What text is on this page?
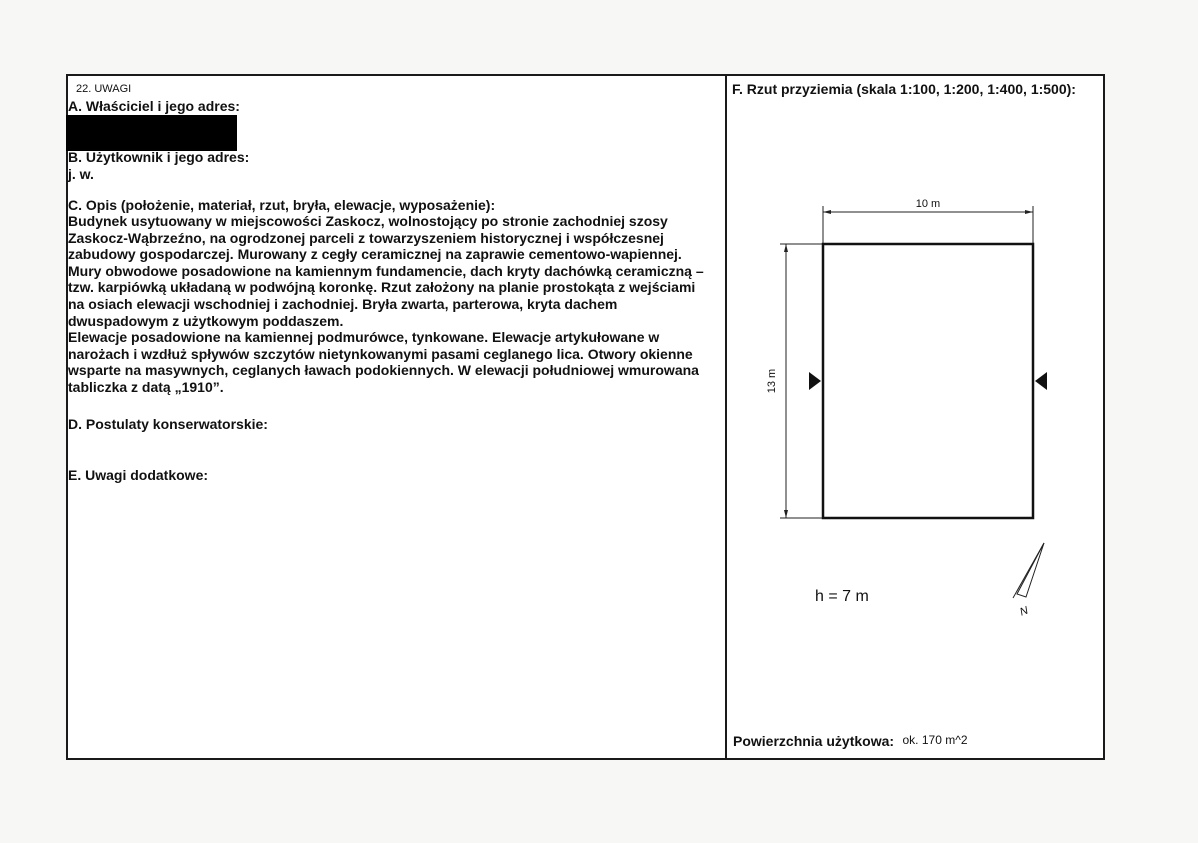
22. UWAGI
A. Właściciel i jego adres:
B. Użytkownik i jego adres:
j. w.
C. Opis (położenie, materiał, rzut, bryła, elewacje, wyposażenie):
Budynek usytuowany w miejscowości Zaskocz, wolnostojący po stronie zachodniej szosy
Zaskocz-Wąbrzeźno, na ogrodzonej parceli z towarzyszeniem historycznej i współczesnej
zabudowy gospodarczej. Murowany z cegły ceramicznej na zaprawie cementowo-wapiennej.
Mury obwodowe posadowione na kamiennym fundamencie, dach kryty dachówką ceramiczną –
tzw. karpiówką układaną w podwójną koronkę. Rzut założony na planie prostokąta z wejściami
na osiach elewacji wschodniej i zachodniej. Bryła zwarta, parterowa, kryta dachem
dwuspadowym z użytkowym poddaszem.
Elewacje posadowione na kamiennej podmurówce, tynkowane. Elewacje artykułowane w
narożach i wzdłuż spływów szczytów nietynkowanymi pasami ceglanego lica. Otwory okienne
wsparte na masywnych, ceglanych ławach podokiennych. W elewacji południowej wmurowana
tabliczka z datą „1910”.
D. Postulaty konserwatorskie:
E. Uwagi dodatkowe:
F. Rzut przyziemia (skala 1:100, 1:200, 1:400, 1:500):
10 m
13 m
N
h = 7 m
Powierzchnia użytkowa: ok. 170 m^2
